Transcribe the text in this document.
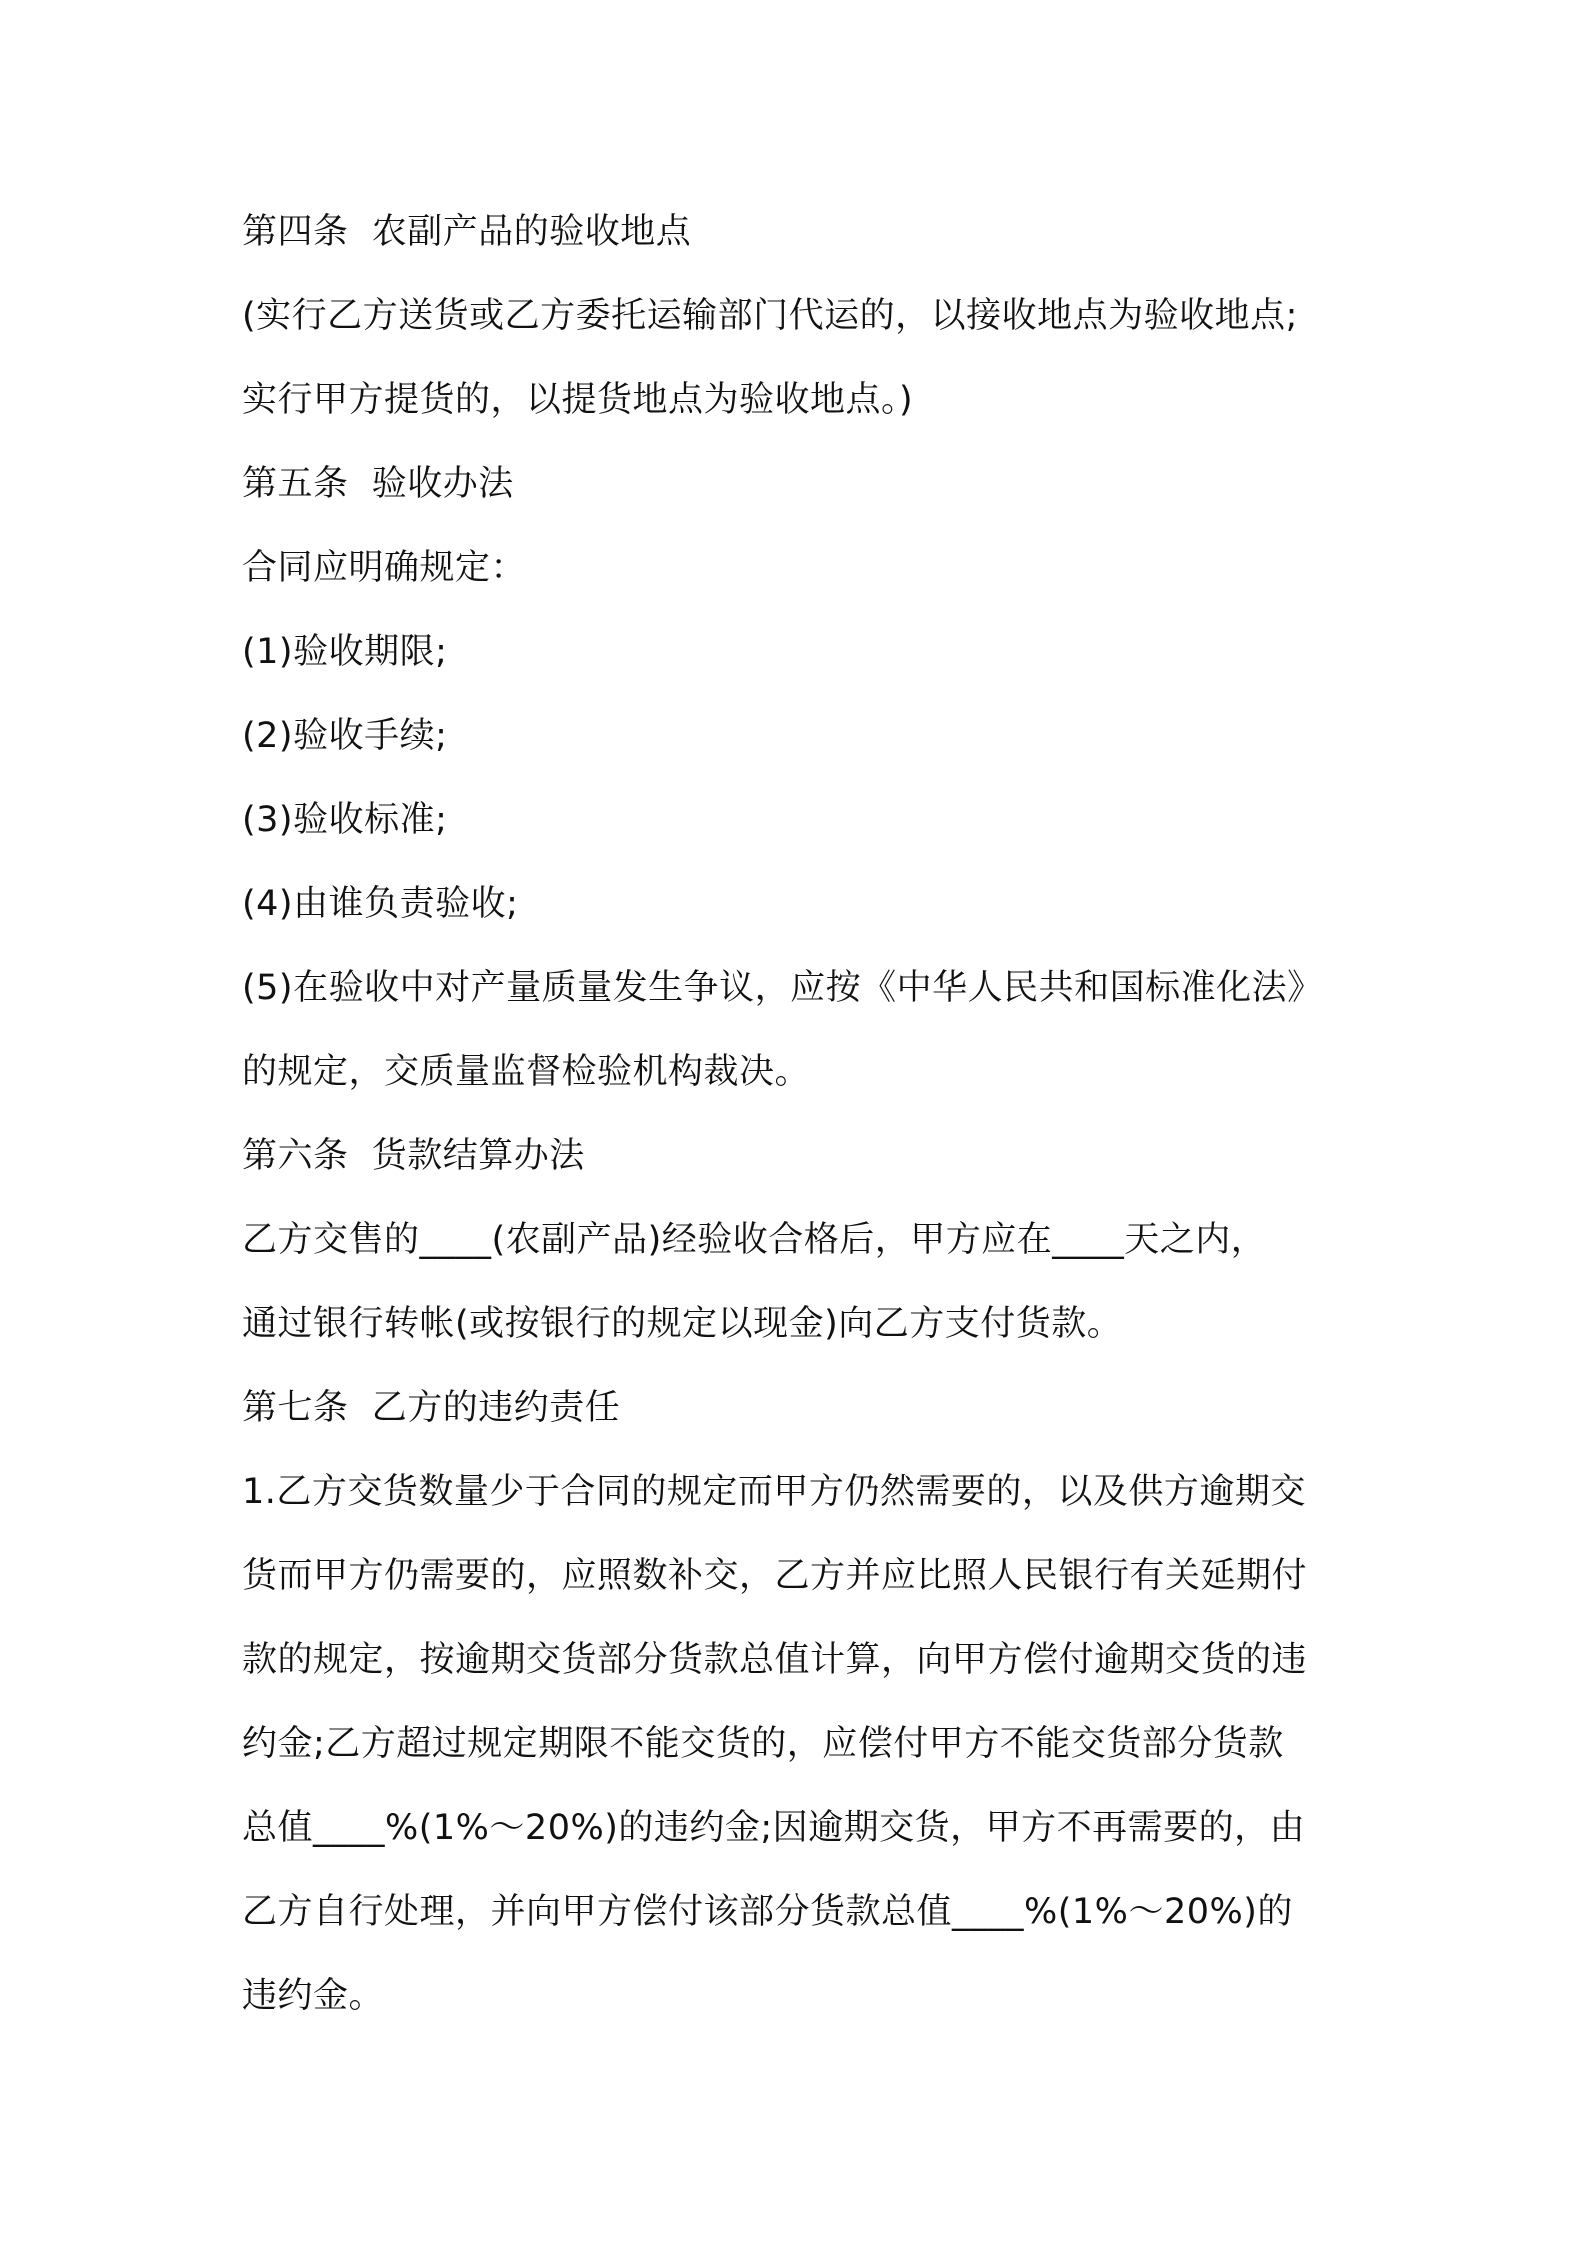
第四条  农副产品的验收地点

(实行乙方送货或乙方委托运输部门代运的，以接收地点为验收地点;

实行甲方提货的，以提货地点为验收地点。)

第五条  验收办法

合同应明确规定：

(1)验收期限;

(2)验收手续;

(3)验收标准;

(4)由谁负责验收;

(5)在验收中对产量质量发生争议，应按《中华人民共和国标准化法》

的规定，交质量监督检验机构裁决。

第六条  货款结算办法

乙方交售的____(农副产品)经验收合格后，甲方应在____天之内，

通过银行转帐(或按银行的规定以现金)向乙方支付货款。

第七条  乙方的违约责任

1.乙方交货数量少于合同的规定而甲方仍然需要的，以及供方逾期交

货而甲方仍需要的，应照数补交，乙方并应比照人民银行有关延期付

款的规定，按逾期交货部分货款总值计算，向甲方偿付逾期交货的违

约金;乙方超过规定期限不能交货的，应偿付甲方不能交货部分货款

总值____%(1%～20%)的违约金;因逾期交货，甲方不再需要的，由

乙方自行处理，并向甲方偿付该部分货款总值____%(1%～20%)的

违约金。
